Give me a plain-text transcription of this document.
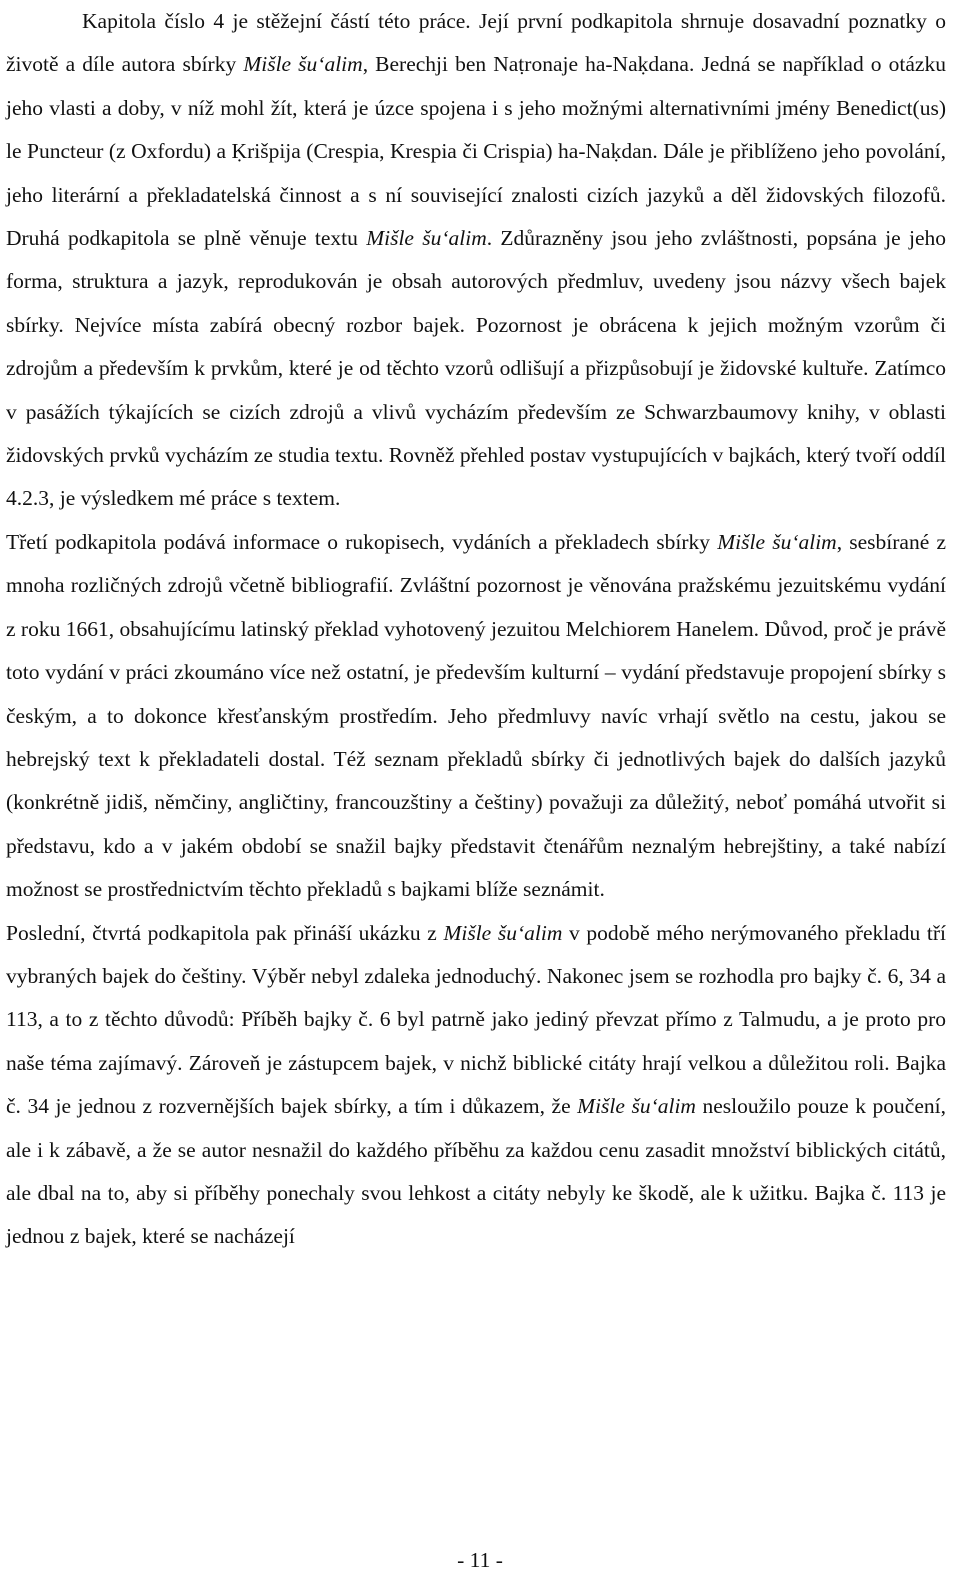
Kapitola číslo 4 je stěžejní částí této práce. Její první podkapitola shrnuje dosavadní poznatky o životě a díle autora sbírky Mišle šu‘alim, Berechji ben Naṭronaje ha-Naḳdana. Jedná se například o otázku jeho vlasti a doby, v níž mohl žít, která je úzce spojena i s jeho možnými alternativními jmény Benedict(us) le Puncteur (z Oxfordu) a Ḳrišpija (Crespia, Krespia či Crispia) ha-Naḳdan. Dále je přiblíženo jeho povolání, jeho literární a překladatelská činnost a s ní související znalosti cizích jazyků a děl židovských filozofů. Druhá podkapitola se plně věnuje textu Mišle šu‘alim. Zdůrazněny jsou jeho zvláštnosti, popsána je jeho forma, struktura a jazyk, reprodukován je obsah autorových předmluv, uvedeny jsou názvy všech bajek sbírky. Nejvíce místa zabírá obecný rozbor bajek. Pozornost je obrácena k jejich možným vzorům či zdrojům a především k prvkům, které je od těchto vzorů odlišují a přizpůsobují je židovské kultuře. Zatímco v pasážích týkajících se cizích zdrojů a vlivů vycházím především ze Schwarzbaumovy knihy, v oblasti židovských prvků vycházím ze studia textu. Rovněž přehled postav vystupujících v bajkách, který tvoří oddíl 4.2.3, je výsledkem mé práce s textem.

Třetí podkapitola podává informace o rukopisech, vydáních a překladech sbírky Mišle šu‘alim, sesbírané z mnoha rozličných zdrojů včetně bibliografií. Zvláštní pozornost je věnována pražskému jezuitskému vydání z roku 1661, obsahujícímu latinský překlad vyhotovený jezuitou Melchiorem Hanelem. Důvod, proč je právě toto vydání v práci zkoumáno více než ostatní, je především kulturní – vydání představuje propojení sbírky s českým, a to dokonce křesťanským prostředím. Jeho předmluvy navíc vrhají světlo na cestu, jakou se hebrejský text k překladateli dostal. Též seznam překladů sbírky či jednotlivých bajek do dalších jazyků (konkrétně jidiš, němčiny, angličtiny, francouzštiny a češtiny) považuji za důležitý, neboť pomáhá utvořit si představu, kdo a v jakém období se snažil bajky představit čtenářům neznalým hebrejštiny, a také nabízí možnost se prostřednictvím těchto překladů s bajkami blíže seznámit.

Poslední, čtvrtá podkapitola pak přináší ukázku z Mišle šu‘alim v podobě mého nerýmovaného překladu tří vybraných bajek do češtiny. Výběr nebyl zdaleka jednoduchý. Nakonec jsem se rozhodla pro bajky č. 6, 34 a 113, a to z těchto důvodů: Příběh bajky č. 6 byl patrně jako jediný převzat přímo z Talmudu, a je proto pro naše téma zajímavý. Zároveň je zástupcem bajek, v nichž biblické citáty hrají velkou a důležitou roli. Bajka č. 34 je jednou z rozvernějších bajek sbírky, a tím i důkazem, že Mišle šu‘alim nesloužilo pouze k poučení, ale i k zábavě, a že se autor nesnažil do každého příběhu za každou cenu zasadit množství biblických citátů, ale dbal na to, aby si příběhy ponechaly svou lehkost a citáty nebyly ke škodě, ale k užitku. Bajka č. 113 je jednou z bajek, které se nacházejí

- 11 -
